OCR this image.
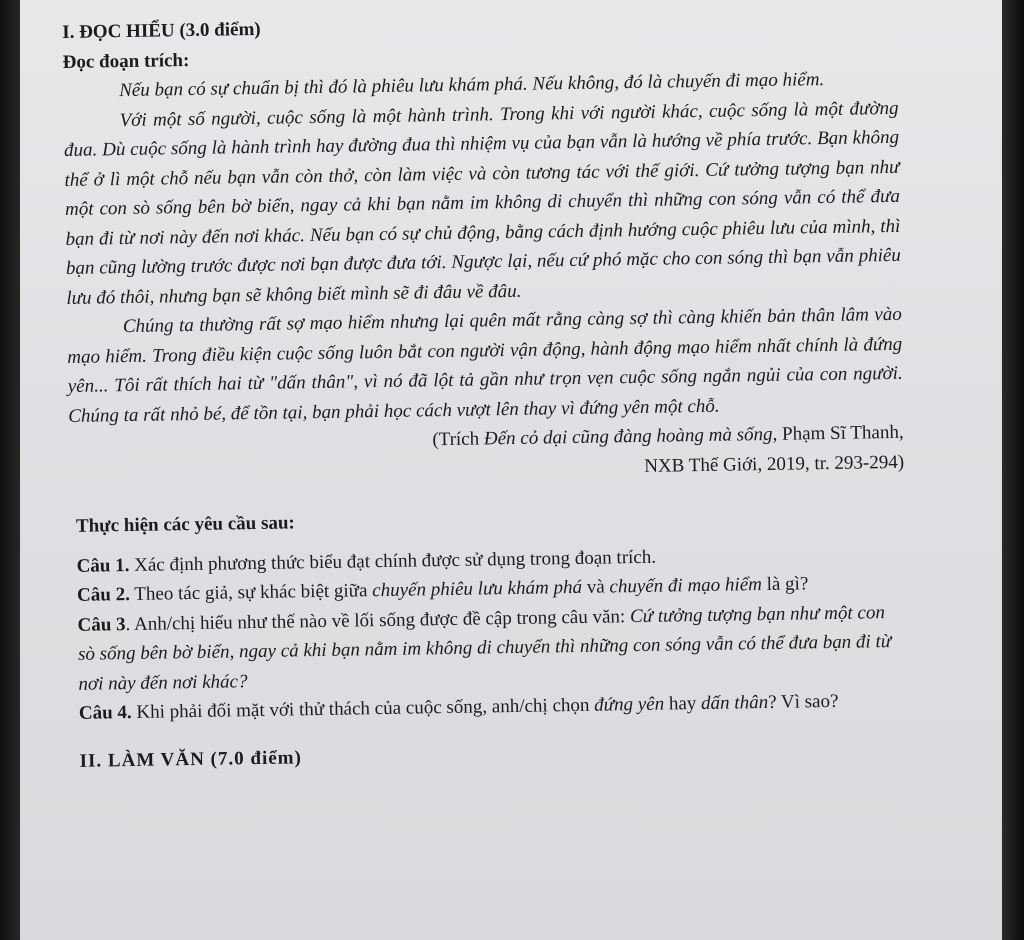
I. ĐỌC HIỂU (3.0 điểm)

Đọc đoạn trích:

Nếu bạn có sự chuẩn bị thì đó là phiêu lưu khám phá. Nếu không, đó là chuyến đi mạo hiểm.

Với một số người, cuộc sống là một hành trình. Trong khi với người khác, cuộc sống là một đường đua. Dù cuộc sống là hành trình hay đường đua thì nhiệm vụ của bạn vẫn là hướng về phía trước. Bạn không thể ở lì một chỗ nếu bạn vẫn còn thở, còn làm việc và còn tương tác với thế giới. Cứ tưởng tượng bạn như một con sò sống bên bờ biển, ngay cả khi bạn nằm im không di chuyển thì những con sóng vẫn có thể đưa bạn đi từ nơi này đến nơi khác. Nếu bạn có sự chủ động, bằng cách định hướng cuộc phiêu lưu của mình, thì bạn cũng lường trước được nơi bạn được đưa tới. Ngược lại, nếu cứ phó mặc cho con sóng thì bạn vẫn phiêu lưu đó thôi, nhưng bạn sẽ không biết mình sẽ đi đâu về đâu.

Chúng ta thường rất sợ mạo hiểm nhưng lại quên mất rằng càng sợ thì càng khiến bản thân lâm vào mạo hiểm. Trong điều kiện cuộc sống luôn bắt con người vận động, hành động mạo hiểm nhất chính là đứng yên... Tôi rất thích hai từ "dấn thân", vì nó đã lột tả gần như trọn vẹn cuộc sống ngắn ngủi của con người. Chúng ta rất nhỏ bé, để tồn tại, bạn phải học cách vượt lên thay vì đứng yên một chỗ.

(Trích Đến cỏ dại cũng đàng hoàng mà sống, Phạm Sĩ Thanh,

NXB Thế Giới, 2019, tr. 293-294)

Thực hiện các yêu cầu sau:

Câu 1. Xác định phương thức biểu đạt chính được sử dụng trong đoạn trích.

Câu 2. Theo tác giả, sự khác biệt giữa chuyến phiêu lưu khám phá và chuyến đi mạo hiểm là gì?

Câu 3. Anh/chị hiểu như thế nào về lối sống được đề cập trong câu văn: Cứ tưởng tượng bạn như một con sò sống bên bờ biển, ngay cả khi bạn nằm im không di chuyển thì những con sóng vẫn có thể đưa bạn đi từ nơi này đến nơi khác?

Câu 4. Khi phải đối mặt với thử thách của cuộc sống, anh/chị chọn đứng yên hay dấn thân? Vì sao?

II. LÀM VĂN (7.0 điểm)
